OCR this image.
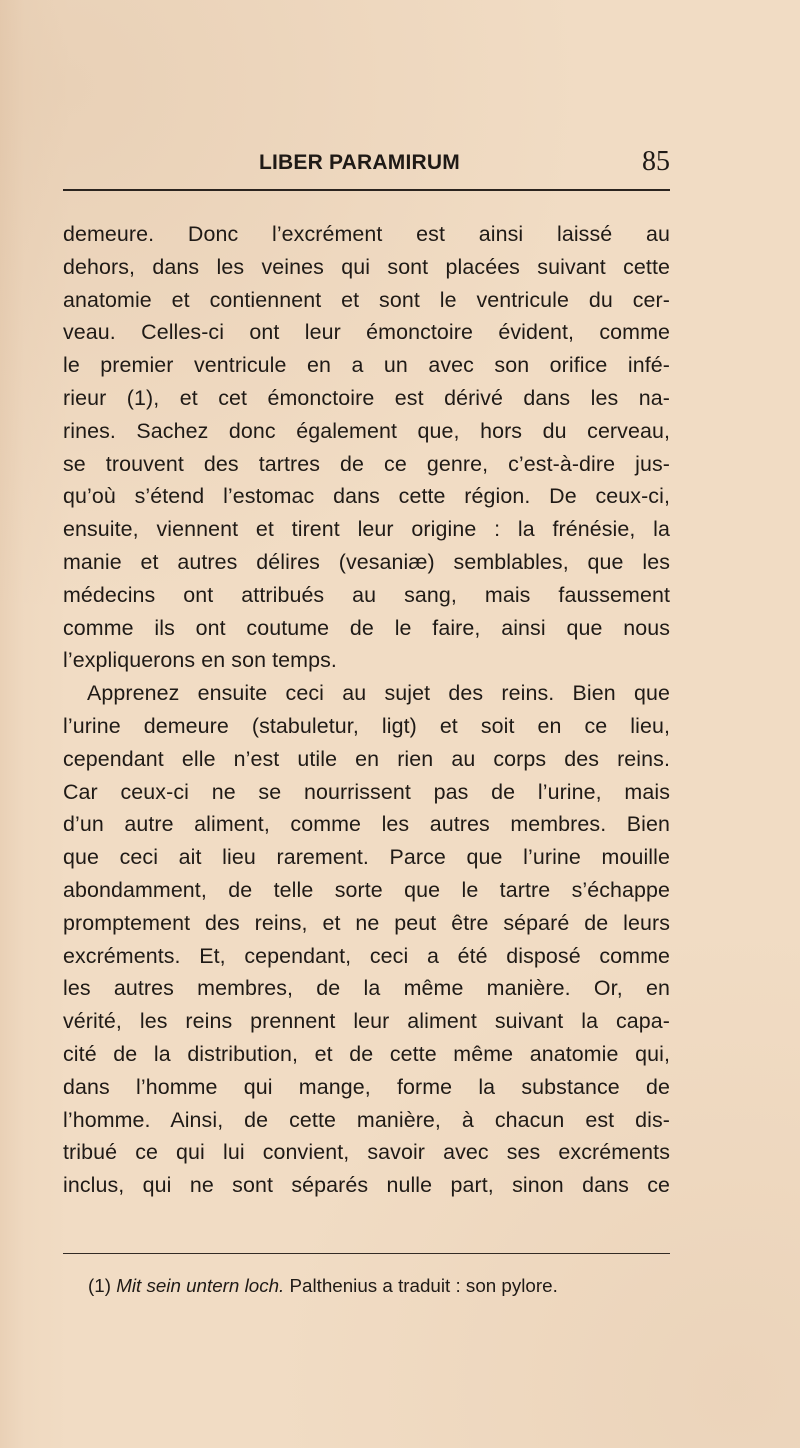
LIBER PARAMIRUM	85
demeure. Donc l’excrément est ainsi laissé au
dehors, dans les veines qui sont placées suivant cette
anatomie et contiennent et sont le ventricule du cer-
veau. Celles-ci ont leur émonctoire évident, comme
le premier ventricule en a un avec son orifice infé-
rieur (1), et cet émonctoire est dérivé dans les na-
rines. Sachez donc également que, hors du cerveau,
se trouvent des tartres de ce genre, c’est-à-dire jus-
qu’où s’étend l’estomac dans cette région. De ceux-ci,
ensuite, viennent et tirent leur origine : la frénésie, la
manie et autres délires (vesaniæ) semblables, que les
médecins ont attribués au sang, mais faussement
comme ils ont coutume de le faire, ainsi que nous
l’expliquerons en son temps.
Apprenez ensuite ceci au sujet des reins. Bien que
l’urine demeure (stabuletur, ligt) et soit en ce lieu,
cependant elle n’est utile en rien au corps des reins.
Car ceux-ci ne se nourrissent pas de l’urine, mais
d’un autre aliment, comme les autres membres. Bien
que ceci ait lieu rarement. Parce que l’urine mouille
abondamment, de telle sorte que le tartre s’échappe
promptement des reins, et ne peut être séparé de leurs
excréments. Et, cependant, ceci a été disposé comme
les autres membres, de la même manière. Or, en
vérité, les reins prennent leur aliment suivant la capa-
cité de la distribution, et de cette même anatomie qui,
dans l’homme qui mange, forme la substance de
l’homme. Ainsi, de cette manière, à chacun est dis-
tribué ce qui lui convient, savoir avec ses excréments
inclus, qui ne sont séparés nulle part, sinon dans ce
(1) Mit sein untern loch. Palthenius a traduit : son pylore.
